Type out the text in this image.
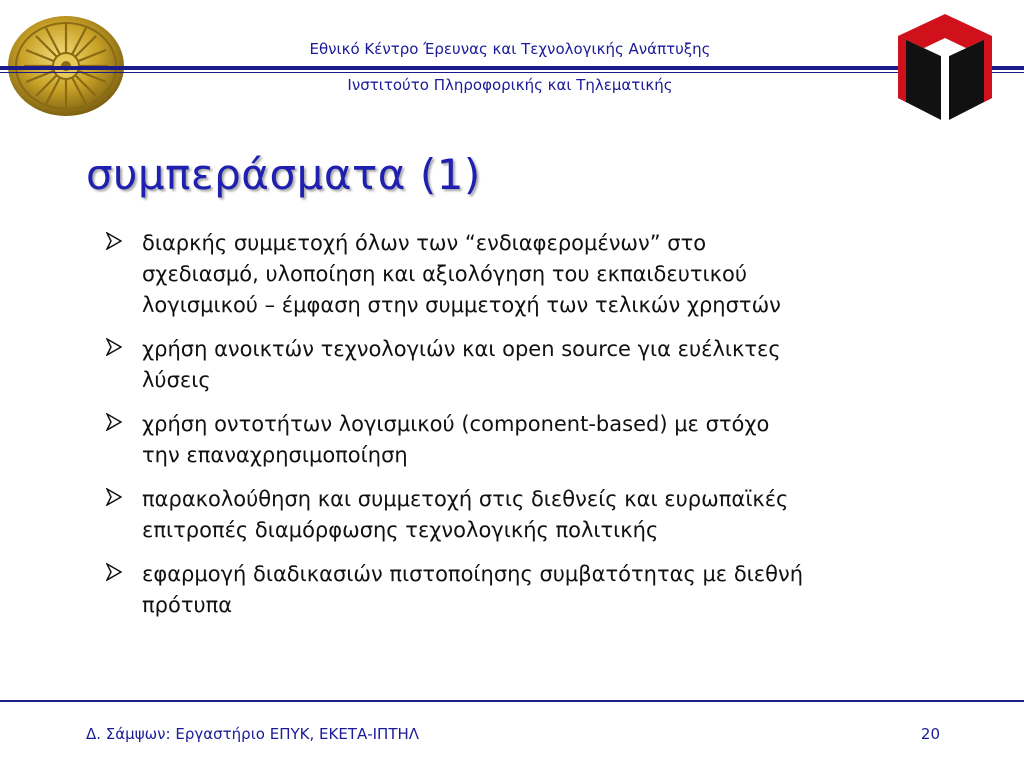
Εθνικό Κέντρο Έρευνας και Τεχνολογικής Ανάπτυξης
Ινστιτούτο Πληροφορικής και Τηλεματικής
συμπεράσματα (1)
διαρκής συμμετοχή όλων των “ενδιαφερομένων” στο
σχεδιασμό, υλοποίηση και αξιολόγηση του εκπαιδευτικού
λογισμικού – έμφαση στην συμμετοχή των τελικών χρηστών
χρήση ανοικτών τεχνολογιών και open source για ευέλικτες
λύσεις
χρήση οντοτήτων λογισμικού (component-based) με στόχο
την επαναχρησιμοποίηση
παρακολούθηση και συμμετοχή στις διεθνείς και ευρωπαϊκές
επιτροπές διαμόρφωσης τεχνολογικής πολιτικής
εφαρμογή διαδικασιών πιστοποίησης συμβατότητας με διεθνή
πρότυπα
Δ. Σάμψων: Εργαστήριο ΕΠΥΚ, ΕΚΕΤΑ-ΙΠΤΗΛ	20
